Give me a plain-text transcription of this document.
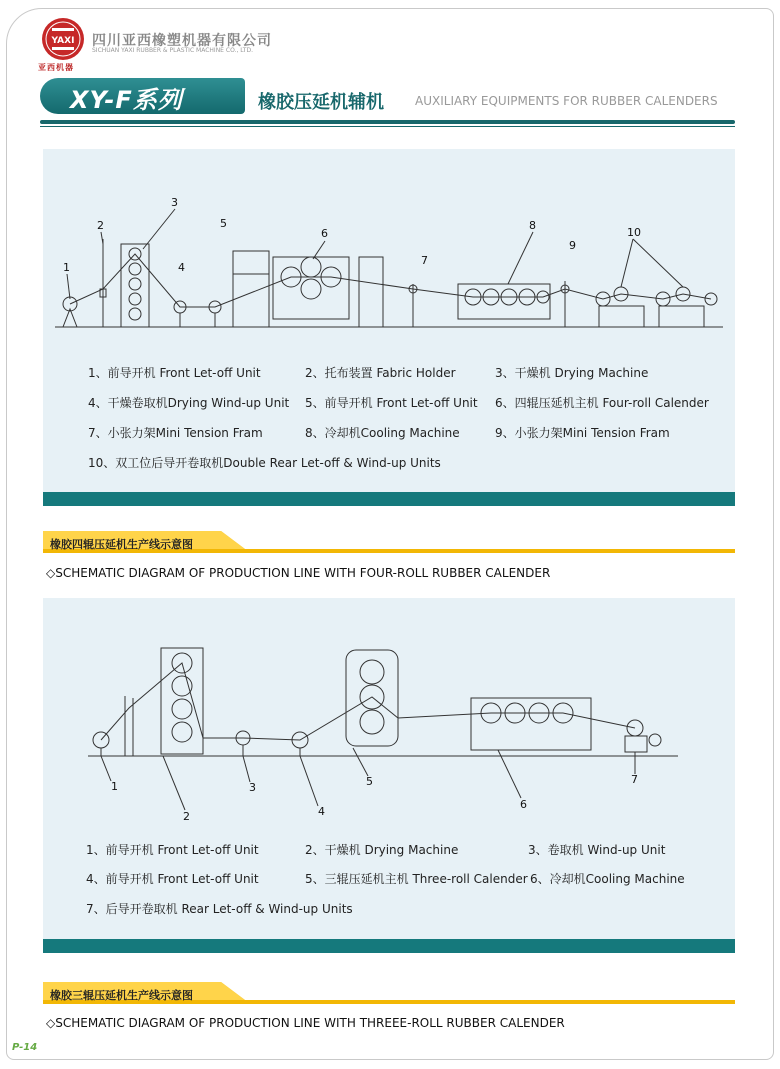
YAXI
亚西机器
四川亚西橡塑机器有限公司
SICHUAN YAXI RUBBER & PLASTIC MACHINE CO., LTD.
XY-F系列	橡胶压延机辅机	AUXILIARY EQUIPMENTS FOR RUBBER CALENDERS
1
2
3
4
5
6
7
8
9
10
1、前导开机 Front Let-off Unit	2、托布装置 Fabric Holder	3、干燥机 Drying Machine
4、干燥卷取机Drying Wind-up Unit 5、前导开机 Front Let-off Unit 6、四辊压延机主机 Four-roll Calender
7、小张力架Mini Tension Fram	8、冷却机Cooling Machine	9、小张力架Mini Tension Fram
10、双工位后导开卷取机Double Rear Let-off & Wind-up Units
橡胶四辊压延机生产线示意图
◇SCHEMATIC DIAGRAM OF PRODUCTION LINE WITH FOUR-ROLL RUBBER CALENDER
1
2
3
4
5
6
7
1、前导开机 Front Let-off Unit	2、干燥机 Drying Machine	3、卷取机 Wind-up Unit
4、前导开机 Front Let-off Unit	5、三辊压延机主机 Three-roll Calender 6、冷却机Cooling Machine
7、后导开卷取机 Rear Let-off & Wind-up Units
橡胶三辊压延机生产线示意图
◇SCHEMATIC DIAGRAM OF PRODUCTION LINE WITH THREEE-ROLL RUBBER CALENDER
P-14
